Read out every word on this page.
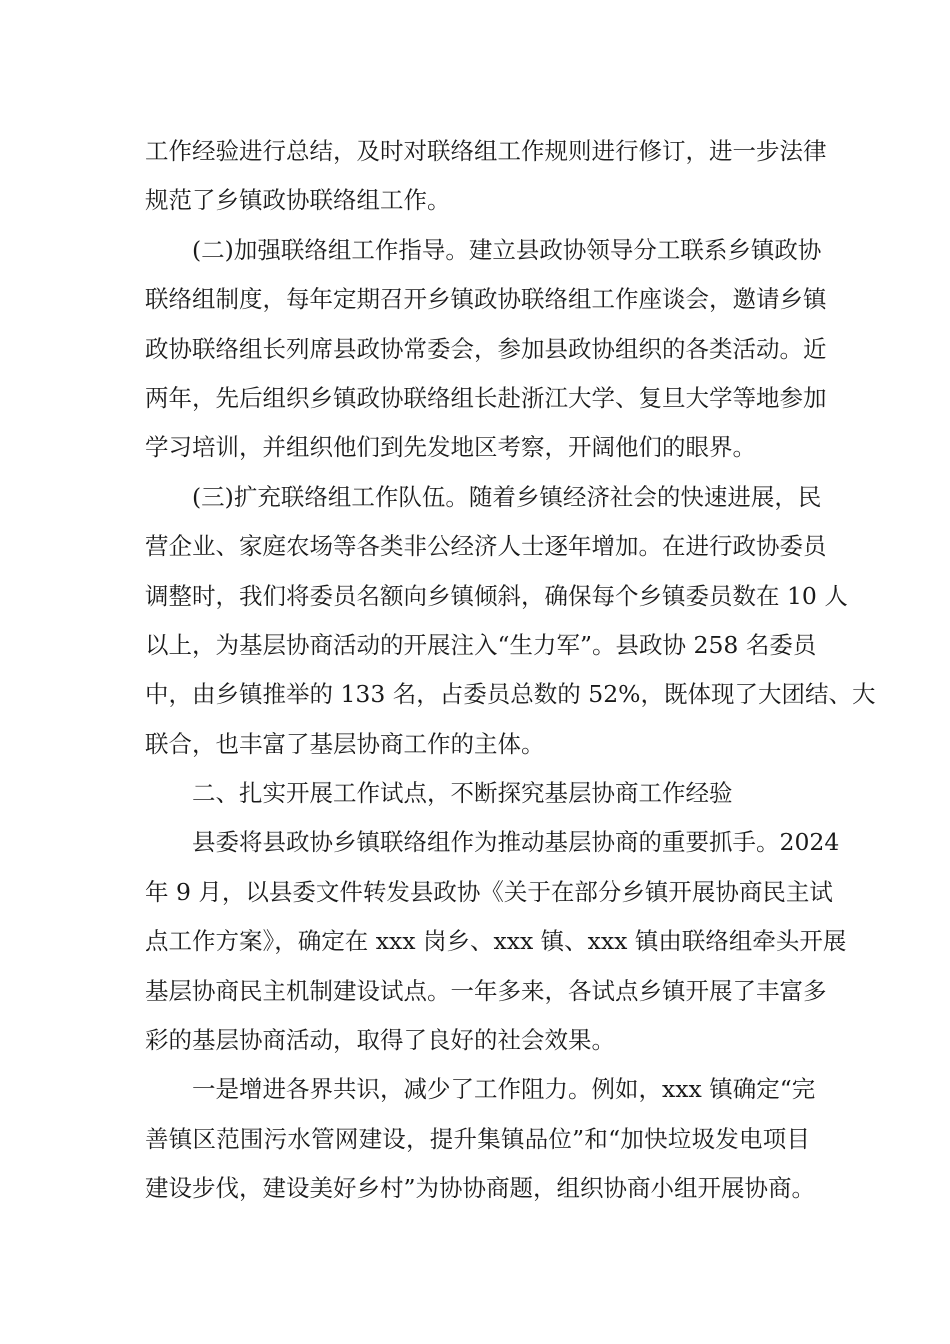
工作经验进行总结，及时对联络组工作规则进行修订，进一步法律
规范了乡镇政协联络组工作。
(二)加强联络组工作指导。建立县政协领导分工联系乡镇政协
联络组制度，每年定期召开乡镇政协联络组工作座谈会，邀请乡镇
政协联络组长列席县政协常委会，参加县政协组织的各类活动。近
两年，先后组织乡镇政协联络组长赴浙江大学、复旦大学等地参加
学习培训，并组织他们到先发地区考察，开阔他们的眼界。
(三)扩充联络组工作队伍。随着乡镇经济社会的快速进展，民
营企业、家庭农场等各类非公经济人士逐年增加。在进行政协委员
调整时，我们将委员名额向乡镇倾斜，确保每个乡镇委员数在 10 人
以上，为基层协商活动的开展注入“生力军”。县政协 258 名委员
中，由乡镇推举的 133 名，占委员总数的 52%，既体现了大团结、大
联合，也丰富了基层协商工作的主体。
二、扎实开展工作试点，不断探究基层协商工作经验
县委将县政协乡镇联络组作为推动基层协商的重要抓手。2024
年 9 月，以县委文件转发县政协《关于在部分乡镇开展协商民主试
点工作方案》，确定在 xxx 岗乡、xxx 镇、xxx 镇由联络组牵头开展
基层协商民主机制建设试点。一年多来，各试点乡镇开展了丰富多
彩的基层协商活动，取得了良好的社会效果。
一是增进各界共识，减少了工作阻力。例如，xxx 镇确定“完
善镇区范围污水管网建设，提升集镇品位”和“加快垃圾发电项目
建设步伐，建设美好乡村”为协协商题，组织协商小组开展协商。
